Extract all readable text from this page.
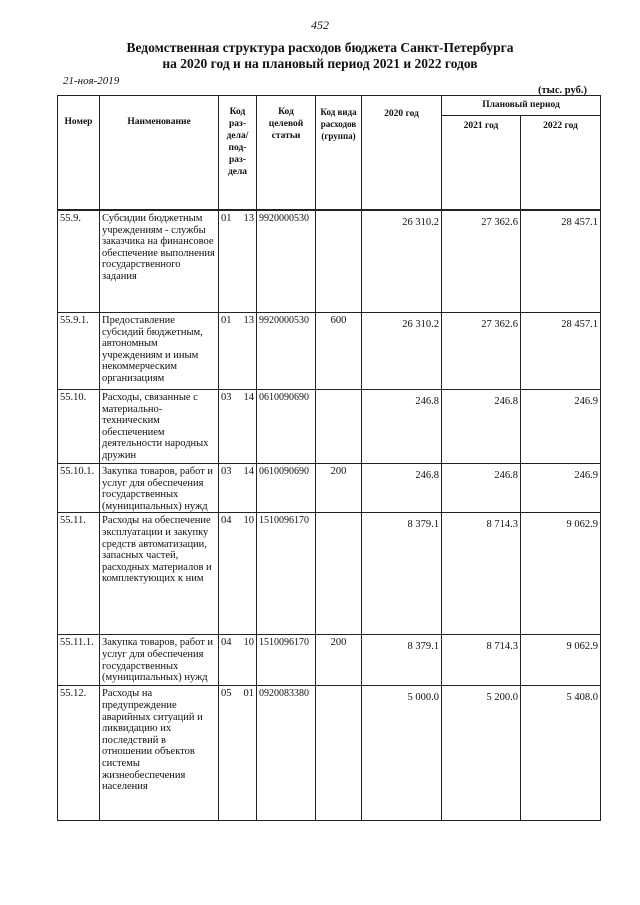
452
Ведомственная структура расходов бюджета Санкт-Петербурга
на 2020 год и на плановый период 2021 и 2022 годов
21-ноя-2019
(тыс. руб.)
Номер	Наименование	Код раз- дела/ под- раз- дела	Код целевой статьи	Код вида расходов (группа)	2020 год	Плановый период	
						2021 год	2022 год
55.9.	Субсидии бюджетным учреждениям - службы заказчика на финансовое обеспечение выполнения государственного задания	01	13	9920000530		26 310.2	27 362.6	28 457.1
55.9.1.	Предоставление субсидий бюджетным, автономным учреждениям и иным некоммерческим организациям	01	13	9920000530	600	26 310.2	27 362.6	28 457.1
55.10.	Расходы, связанные с материально-техническим обеспечением деятельности народных дружин	03	14	0610090690		246.8	246.8	246.9
55.10.1.	Закупка товаров, работ и услуг для обеспечения государственных (муниципальных) нужд	03	14	0610090690	200	246.8	246.8	246.9
55.11.	Расходы на обеспечение эксплуатации и закупку средств автоматизации, запасных частей, расходных материалов и комплектующих к ним	04	10	1510096170		8 379.1	8 714.3	9 062.9
55.11.1.	Закупка товаров, работ и услуг для обеспечения государственных (муниципальных) нужд	04	10	1510096170	200	8 379.1	8 714.3	9 062.9
55.12.	Расходы на предупреждение аварийных ситуаций и ликвидацию их последствий в отношении объектов системы жизнеобеспечения населения	05	01	0920083380		5 000.0	5 200.0	5 408.0
